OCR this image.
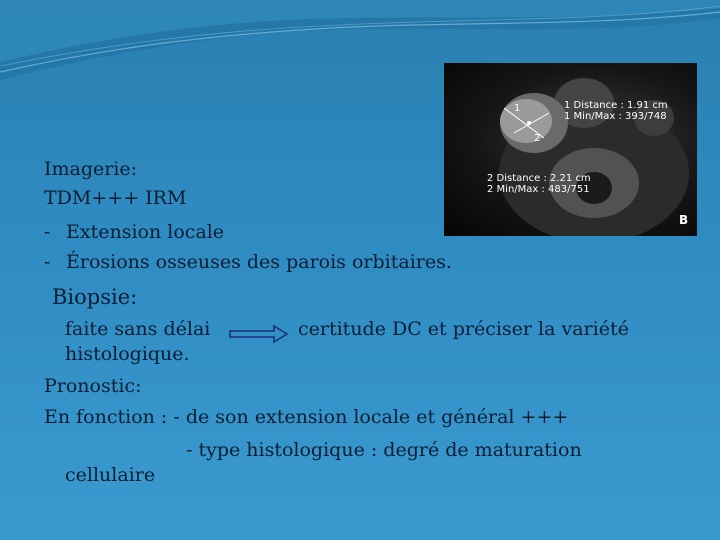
1
2
1 Distance : 1.91 cm
1 Min/Max : 393/748
2 Distance : 2.21 cm
2 Min/Max : 483/751
B
Imagerie:
TDM+++ IRM
- Extension locale
- Érosions osseuses des parois orbitaires.
Biopsie:
faite sans délai	certitude DC et préciser la variété
histologique.
Pronostic:
En fonction : - de son extension locale et général +++
- type histologique : degré de maturation
cellulaire
